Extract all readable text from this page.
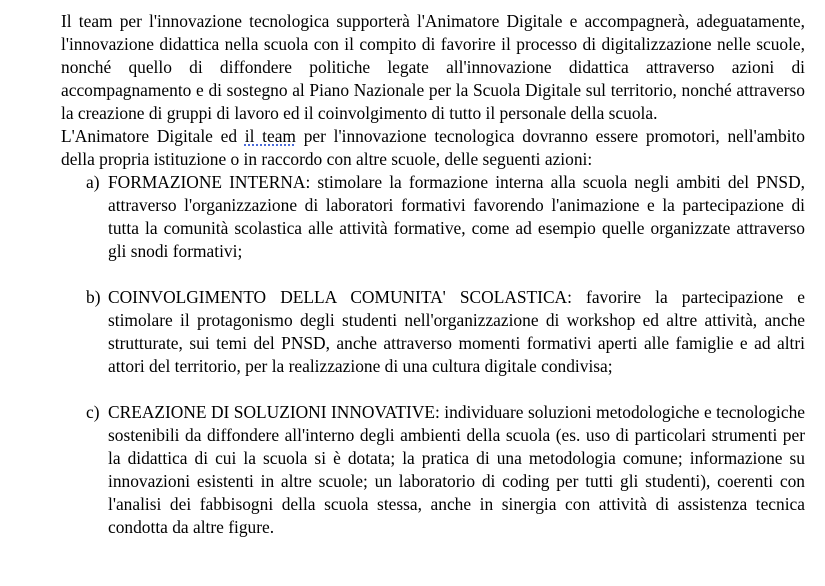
Il team per l'innovazione tecnologica supporterà l'Animatore Digitale e accompagnerà, adeguatamente, l'innovazione didattica nella scuola con il compito di favorire il processo di digitalizzazione nelle scuole, nonché quello di diffondere politiche legate all'innovazione didattica attraverso azioni di accompagnamento e di sostegno al Piano Nazionale per la Scuola Digitale sul territorio, nonché attraverso la creazione di gruppi di lavoro ed il coinvolgimento di tutto il personale della scuola.

L'Animatore Digitale ed il team per l'innovazione tecnologica dovranno essere promotori, nell'ambito della propria istituzione o in raccordo con altre scuole, delle seguenti azioni:

a) FORMAZIONE INTERNA: stimolare la formazione interna alla scuola negli ambiti del PNSD, attraverso l'organizzazione di laboratori formativi favorendo l'animazione e la partecipazione di tutta la comunità scolastica alle attività formative, come ad esempio quelle organizzate attraverso gli snodi formativi;
b) COINVOLGIMENTO DELLA COMUNITA' SCOLASTICA: favorire la partecipazione e stimolare il protagonismo degli studenti nell'organizzazione di workshop ed altre attività, anche strutturate, sui temi del PNSD, anche attraverso momenti formativi aperti alle famiglie e ad altri attori del territorio, per la realizzazione di una cultura digitale condivisa;
c) CREAZIONE DI SOLUZIONI INNOVATIVE: individuare soluzioni metodologiche e tecnologiche sostenibili da diffondere all'interno degli ambienti della scuola (es. uso di particolari strumenti per la didattica di cui la scuola si è dotata; la pratica di una metodologia comune; informazione su innovazioni esistenti in altre scuole; un laboratorio di coding per tutti gli studenti), coerenti con l'analisi dei fabbisogni della scuola stessa, anche in sinergia con attività di assistenza tecnica condotta da altre figure.
